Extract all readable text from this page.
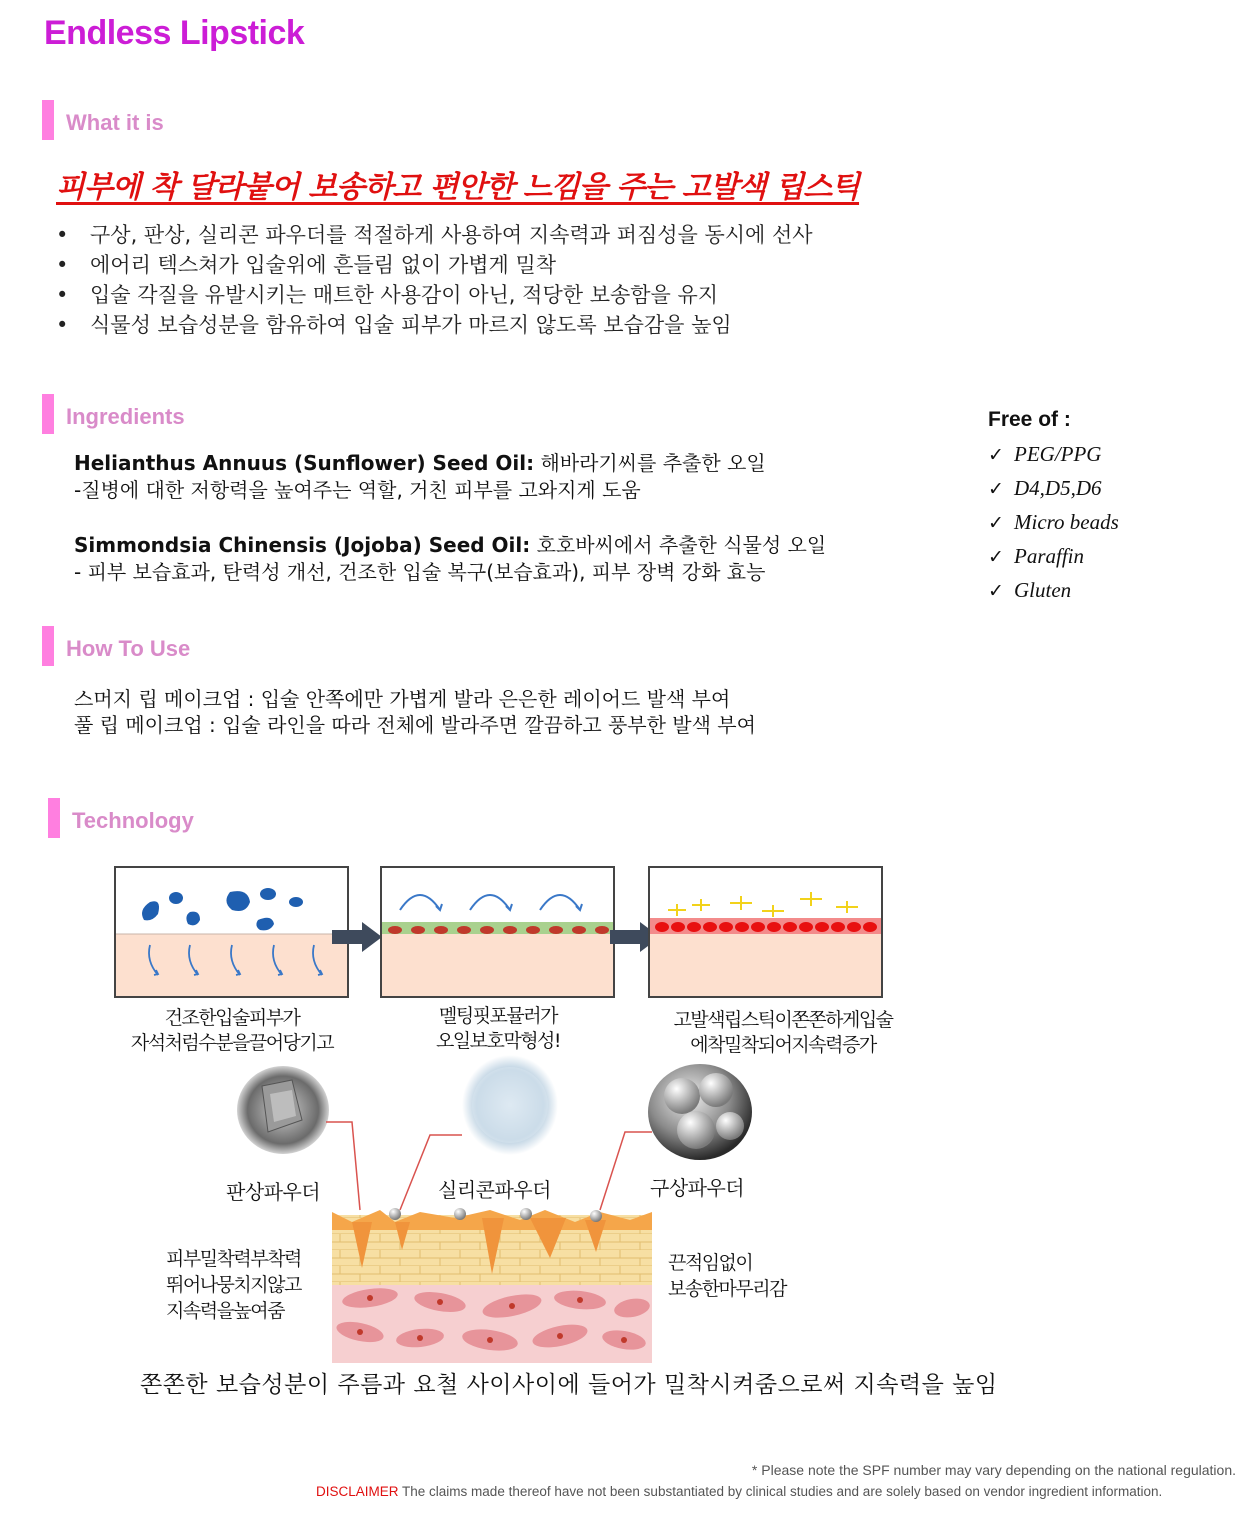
Endless Lipstick
What it is
피부에 착 달라붙어 보송하고 편안한 느낌을 주는 고발색 립스틱
• 구상, 판상, 실리콘 파우더를 적절하게 사용하여 지속력과 퍼짐성을 동시에 선사
• 에어리 텍스쳐가 입술위에 흔들림 없이 가볍게 밀착
• 입술 각질을 유발시키는 매트한 사용감이 아닌, 적당한 보송함을 유지
• 식물성 보습성분을 함유하여 입술 피부가 마르지 않도록 보습감을 높임
Ingredients
Helianthus Annuus (Sunflower) Seed Oil: 해바라기씨를 추출한 오일
-질병에 대한 저항력을 높여주는 역할, 거친 피부를 고와지게 도움
Simmondsia Chinensis (Jojoba) Seed Oil: 호호바씨에서 추출한 식물성 오일
- 피부 보습효과, 탄력성 개선, 건조한 입술 복구(보습효과), 피부 장벽 강화 효능
Free of :
✓ PEG/PPG
✓ D4,D5,D6
✓ Micro beads
✓ Paraffin
✓ Gluten
How To Use
스머지 립 메이크업 : 입술 안쪽에만 가볍게 발라 은은한 레이어드 발색 부여
풀 립 메이크업 : 입술 라인을 따라 전체에 발라주면 깔끔하고 풍부한 발색 부여
Technology
건조한입술피부가
자석처럼수분을끌어당기고
멜팅핏포뮬러가
오일보호막형성!
고발색립스틱이쫀쫀하게입술
에착밀착되어지속력증가
판상파우더	실리콘파우더	구상파우더
피부밀착력부착력
뛰어나뭉치지않고
지속력을높여줌
끈적임없이
보송한마무리감
쫀쫀한 보습성분이 주름과 요철 사이사이에 들어가 밀착시켜줌으로써 지속력을 높임
* Please note the SPF number may vary depending on the national regulation.
DISCLAIMER The claims made thereof have not been substantiated by clinical studies and are solely based on vendor ingredient information.
